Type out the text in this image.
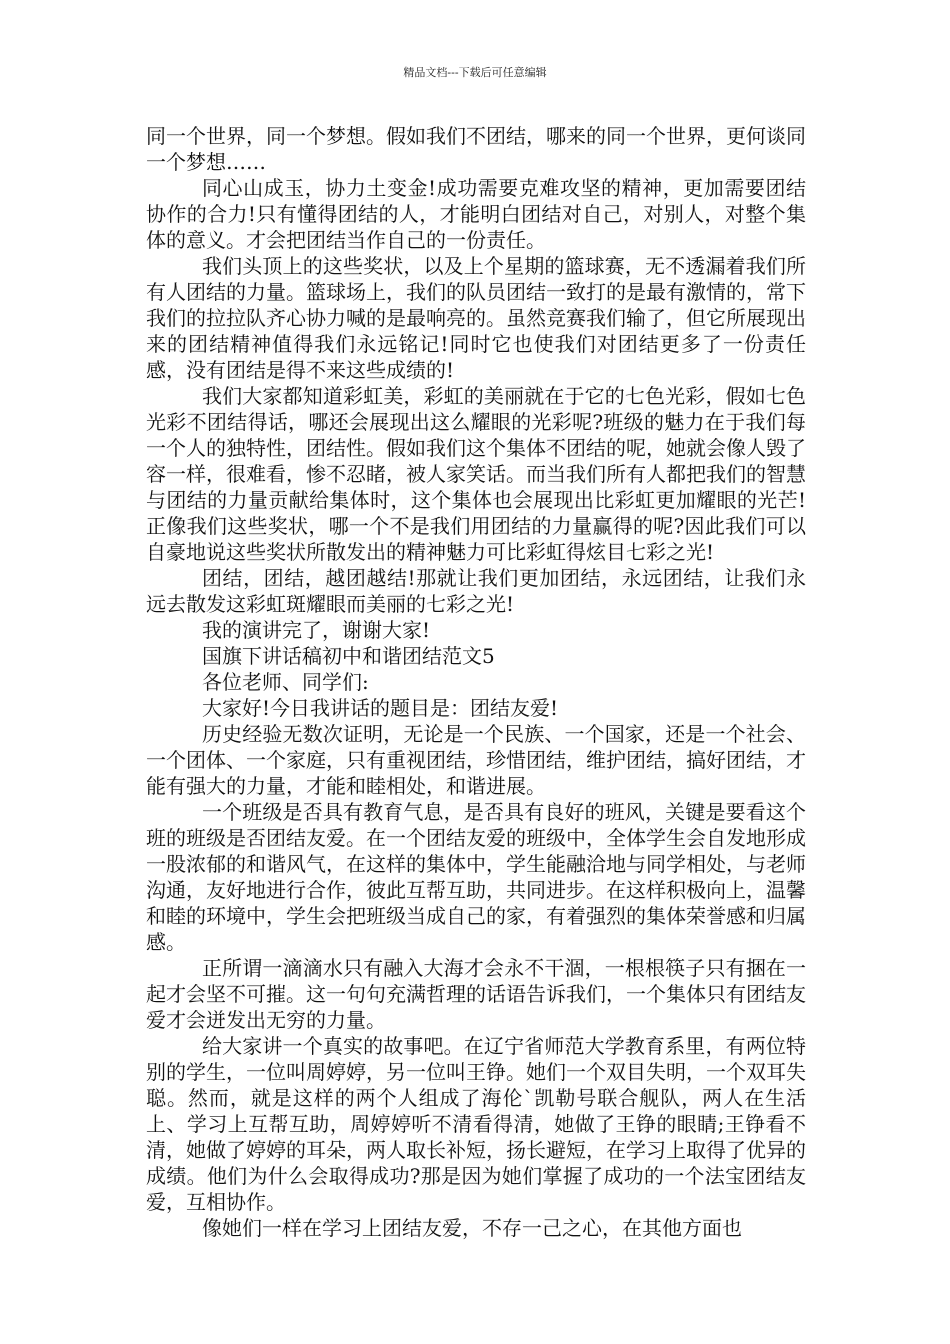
精品文档---下载后可任意编辑

同一个世界，同一个梦想。假如我们不团结，哪来的同一个世界，更何谈同一个梦想……

同心山成玉，协力土变金!成功需要克难攻坚的精神，更加需要团结协作的合力!只有懂得团结的人，才能明白团结对自己，对别人，对整个集体的意义。才会把团结当作自己的一份责任。

我们头顶上的这些奖状，以及上个星期的篮球赛，无不透漏着我们所有人团结的力量。篮球场上，我们的队员团结一致打的是最有激情的，常下我们的拉拉队齐心协力喊的是最响亮的。虽然竞赛我们输了，但它所展现出来的团结精神值得我们永远铭记!同时它也使我们对团结更多了一份责任感，没有团结是得不来这些成绩的!

我们大家都知道彩虹美，彩虹的美丽就在于它的七色光彩，假如七色光彩不团结得话，哪还会展现出这么耀眼的光彩呢?班级的魅力在于我们每一个人的独特性，团结性。假如我们这个集体不团结的呢，她就会像人毁了容一样，很难看，惨不忍睹，被人家笑话。而当我们所有人都把我们的智慧与团结的力量贡献给集体时，这个集体也会展现出比彩虹更加耀眼的光芒!正像我们这些奖状，哪一个不是我们用团结的力量赢得的呢?因此我们可以自豪地说这些奖状所散发出的精神魅力可比彩虹得炫目七彩之光!

团结，团结，越团越结!那就让我们更加团结，永远团结，让我们永远去散发这彩虹斑耀眼而美丽的七彩之光!

我的演讲完了，谢谢大家!

国旗下讲话稿初中和谐团结范文5

各位老师、同学们:

大家好!今日我讲话的题目是：团结友爱!

历史经验无数次证明，无论是一个民族、一个国家，还是一个社会、一个团体、一个家庭，只有重视团结，珍惜团结，维护团结，搞好团结，才能有强大的力量，才能和睦相处，和谐进展。

一个班级是否具有教育气息，是否具有良好的班风，关键是要看这个班的班级是否团结友爱。在一个团结友爱的班级中，全体学生会自发地形成一股浓郁的和谐风气，在这样的集体中，学生能融洽地与同学相处，与老师沟通，友好地进行合作，彼此互帮互助，共同进步。在这样积极向上，温馨和睦的环境中，学生会把班级当成自己的家，有着强烈的集体荣誉感和归属感。

正所谓一滴滴水只有融入大海才会永不干涸，一根根筷子只有捆在一起才会坚不可摧。这一句句充满哲理的话语告诉我们，一个集体只有团结友爱才会迸发出无穷的力量。

给大家讲一个真实的故事吧。在辽宁省师范大学教育系里，有两位特别的学生，一位叫周婷婷，另一位叫王铮。她们一个双目失明，一个双耳失聪。然而，就是这样的两个人组成了海伦`凯勒号联合舰队，两人在生活上、学习上互帮互助，周婷婷听不清看得清，她做了王铮的眼睛;王铮看不清，她做了婷婷的耳朵，两人取长补短，扬长避短，在学习上取得了优异的成绩。他们为什么会取得成功?那是因为她们掌握了成功的一个法宝团结友爱，互相协作。

像她们一样在学习上团结友爱，不存一己之心，在其他方面也
